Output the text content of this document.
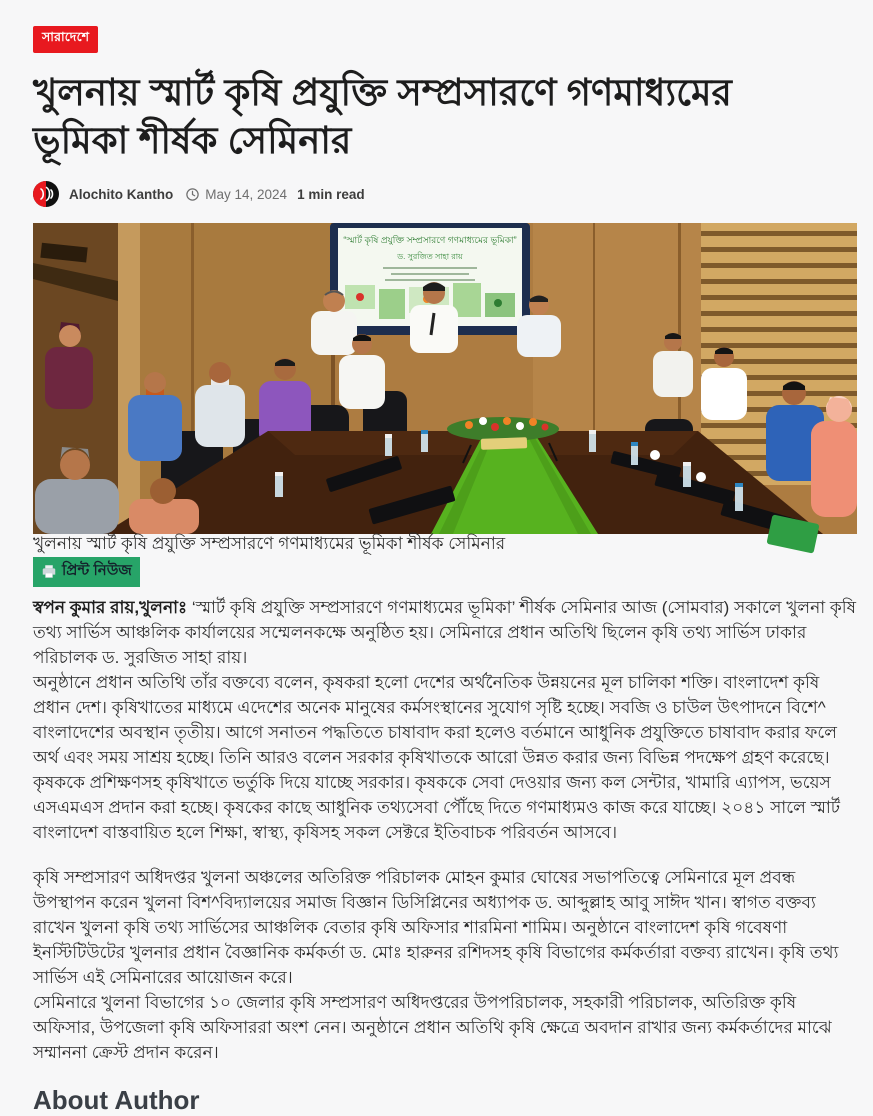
সারাদেশে
খুলনায় স্মার্ট কৃষি প্রযুক্তি সম্প্রসারণে গণমাধ্যমের ভূমিকা শীর্ষক সেমিনার
Alochito Kantho May 14, 2024 1 min read
“স্মার্ট কৃষি প্রযুক্তি সম্প্রসারণে গণমাধ্যমের ভূমিকা”
ড. সুরজিত সাহা রায়
খুলনায় স্মার্ট কৃষি প্রযুক্তি সম্প্রসারণে গণমাধ্যমের ভূমিকা শীর্ষক সেমিনার
প্রিন্ট নিউজ

স্বপন কুমার রায়,খুলনাঃ ‘স্মার্ট কৃষি প্রযুক্তি সম্প্রসারণে গণমাধ্যমের ভূমিকা’ শীর্ষক সেমিনার আজ (সোমবার) সকালে খুলনা কৃষি তথ্য সার্ভিস আঞ্চলিক কার্যালয়ের সম্মেলনকক্ষে অনুষ্ঠিত হয়। সেমিনারে প্রধান অতিথি ছিলেন কৃষি তথ্য সার্ভিস ঢাকার পরিচালক ড. সুরজিত সাহা রায়।

অনুষ্ঠানে প্রধান অতিথি তাঁর বক্তব্যে বলেন, কৃষকরা হলো দেশের অর্থনৈতিক উন্নয়নের মূল চালিকা শক্তি। বাংলাদেশ কৃষি প্রধান দেশ। কৃষিখাতের মাধ্যমে এদেশের অনেক মানুষের কর্মসংস্থানের সুযোগ সৃষ্টি হচ্ছে। সবজি ও চাউল উৎপাদনে বিশে^ বাংলাদেশের অবস্থান তৃতীয়। আগে সনাতন পদ্ধতিতে চাষাবাদ করা হলেও বর্তমানে আধুনিক প্রযুক্তিতে চাষাবাদ করার ফলে অর্থ এবং সময় সাশ্রয় হচ্ছে। তিনি আরও বলেন সরকার কৃষিখাতকে আরো উন্নত করার জন্য বিভিন্ন পদক্ষেপ গ্রহণ করেছে। কৃষককে প্রশিক্ষণসহ কৃষিখাতে ভর্তুকি দিয়ে যাচ্ছে সরকার। কৃষককে সেবা দেওয়ার জন্য কল সেন্টার, খামারি এ্যাপস, ভয়েস এসএমএস প্রদান করা হচ্ছে। কৃষকের কাছে আধুনিক তথ্যসেবা পৌঁছে দিতে গণমাধ্যমও কাজ করে যাচ্ছে। ২০৪১ সালে স্মার্ট বাংলাদেশ বাস্তবায়িত হলে শিক্ষা, স্বাস্থ্য, কৃষিসহ সকল সেক্টরে ইতিবাচক পরিবর্তন আসবে।

কৃষি সম্প্রসারণ অধিদপ্তর খুলনা অঞ্চলের অতিরিক্ত পরিচালক মোহন কুমার ঘোষের সভাপতিত্বে সেমিনারে মূল প্রবন্ধ উপস্থাপন করেন খুলনা বিশ^বিদ্যালয়ের সমাজ বিজ্ঞান ডিসিপ্লিনের অধ্যাপক ড. আব্দুল্লাহ আবু সাঈদ খান। স্বাগত বক্তব্য রাখেন খুলনা কৃষি তথ্য সার্ভিসের আঞ্চলিক বেতার কৃষি অফিসার শারমিনা শামিম। অনুষ্ঠানে বাংলাদেশ কৃষি গবেষণা ইনস্টিটিউটের খুলনার প্রধান বৈজ্ঞানিক কর্মকর্তা ড. মোঃ হারুনর রশিদসহ কৃষি বিভাগের কর্মকর্তারা বক্তব্য রাখেন। কৃষি তথ্য সার্ভিস এই সেমিনারের আয়োজন করে।

সেমিনারে খুলনা বিভাগের ১০ জেলার কৃষি সম্প্রসারণ অধিদপ্তরের উপপরিচালক, সহকারী পরিচালক, অতিরিক্ত কৃষি অফিসার, উপজেলা কৃষি অফিসাররা অংশ নেন। অনুষ্ঠানে প্রধান অতিথি কৃষি ক্ষেত্রে অবদান রাখার জন্য কর্মকর্তাদের মাঝে সম্মাননা ক্রেস্ট প্রদান করেন।

About Author
